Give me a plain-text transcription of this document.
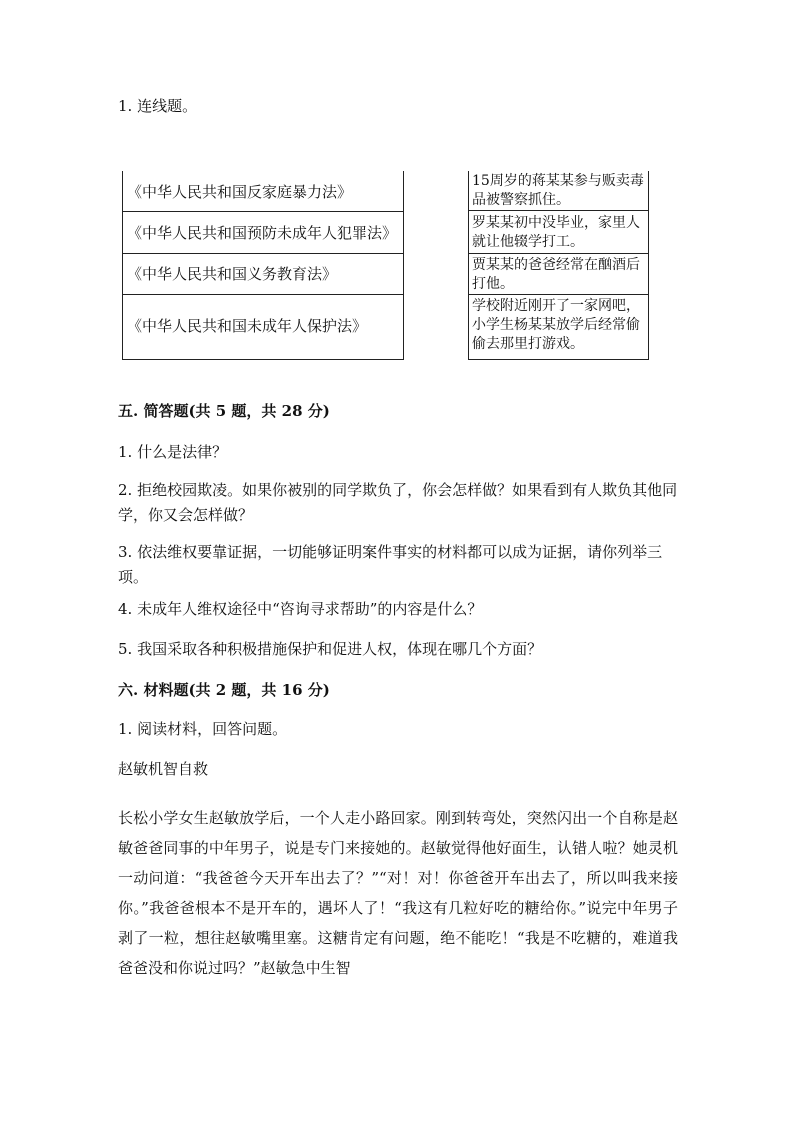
1. 连线题。
《中华人民共和国反家庭暴力法》
《中华人民共和国预防未成年人犯罪法》
《中华人民共和国义务教育法》
《中华人民共和国未成年人保护法》
15周岁的蒋某某参与贩卖毒品被警察抓住。
罗某某初中没毕业，家里人就让他辍学打工。
贾某某的爸爸经常在酗酒后打他。
学校附近刚开了一家网吧，小学生杨某某放学后经常偷偷去那里打游戏。
五. 简答题(共 5 题，共 28 分)
1. 什么是法律？
2. 拒绝校园欺凌。如果你被别的同学欺负了，你会怎样做？如果看到有人欺负其他同学，你又会怎样做？
3. 依法维权要靠证据，一切能够证明案件事实的材料都可以成为证据，请你列举三项。
4. 未成年人维权途径中“咨询寻求帮助”的内容是什么？
5. 我国采取各种积极措施保护和促进人权，体现在哪几个方面？
六. 材料题(共 2 题，共 16 分)
1. 阅读材料，回答问题。
赵敏机智自救
长松小学女生赵敏放学后，一个人走小路回家。刚到转弯处，突然闪出一个自称是赵敏爸爸同事的中年男子，说是专门来接她的。赵敏觉得他好面生，认错人啦？她灵机一动问道：“我爸爸今天开车出去了？”“对！对！你爸爸开车出去了，所以叫我来接你。”我爸爸根本不是开车的，遇坏人了！“我这有几粒好吃的糖给你。”说完中年男子剥了一粒，想往赵敏嘴里塞。这糖肯定有问题，绝不能吃！“我是不吃糖的，难道我爸爸没和你说过吗？”赵敏急中生智
